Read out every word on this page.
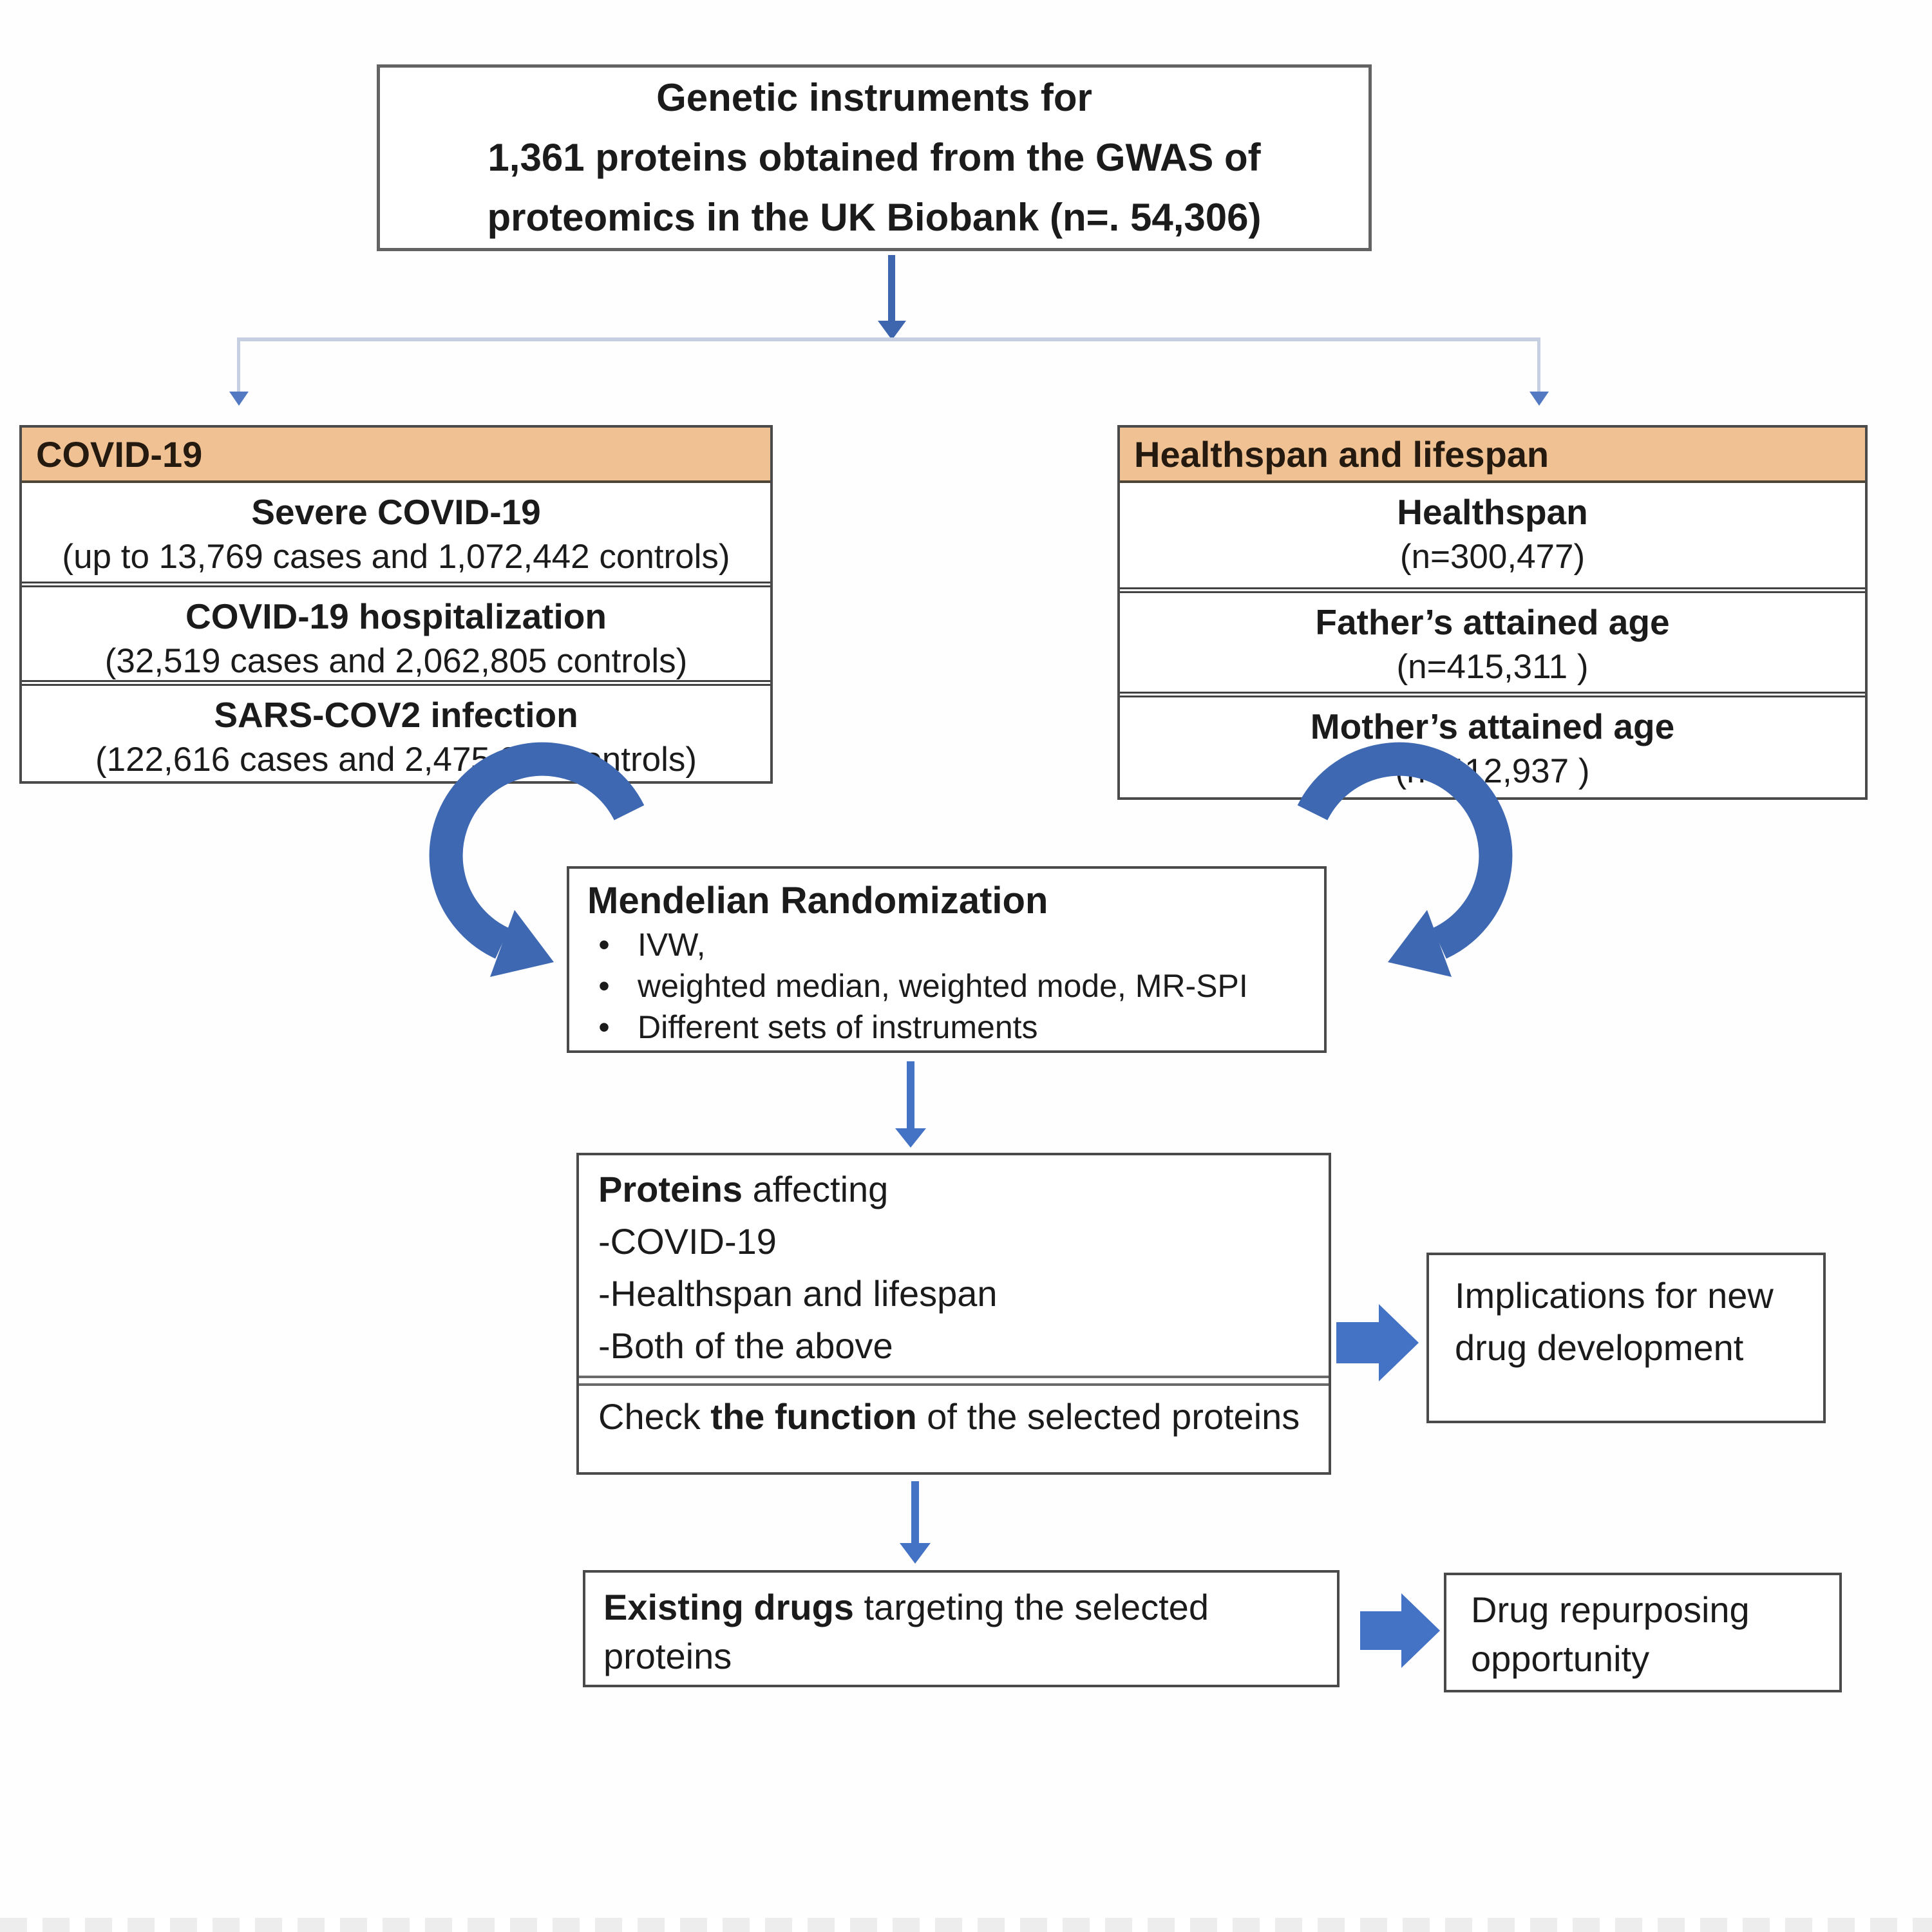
Genetic instruments for
1,361 proteins obtained from the GWAS of
proteomics in the UK Biobank (n=. 54,306)
COVID-19
Severe COVID-19
(up to 13,769 cases and 1,072,442 controls)
COVID-19 hospitalization
(32,519 cases and 2,062,805 controls)
SARS-COV2 infection
(122,616 cases and 2,475,240 controls)
Healthspan and lifespan
Healthspan
(n=300,477)
Father’s attained age
(n=415,311 )
Mother’s attained age
(n=412,937 )
Mendelian Randomization
• IVW,
• weighted median, weighted mode, MR-SPI
• Different sets of instruments
Proteins affecting
-COVID-19
-Healthspan and lifespan
-Both of the above
Check the function of the selected proteins
Implications for new drug development
Existing drugs targeting the selected proteins
Drug repurposing opportunity
